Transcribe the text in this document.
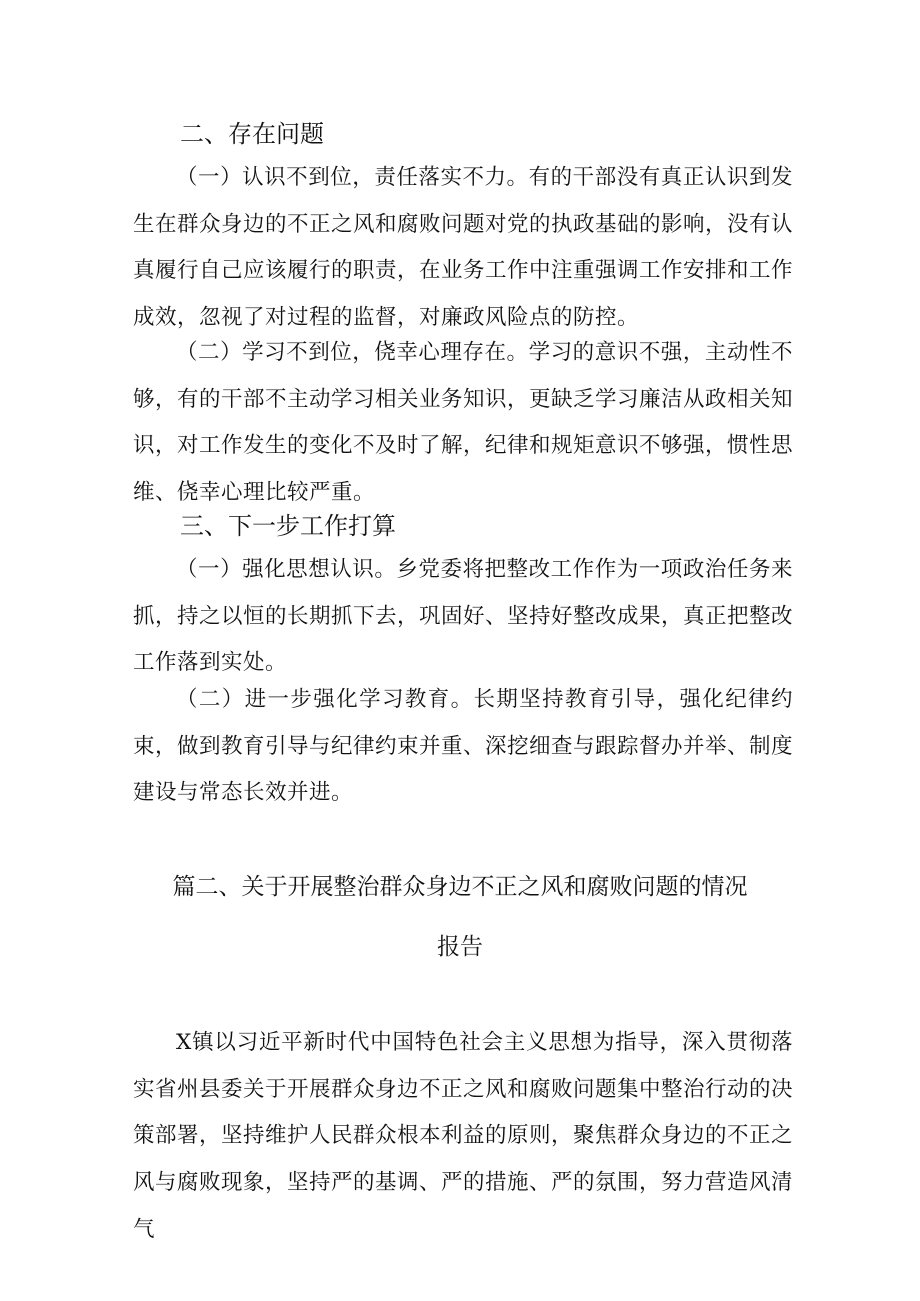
二、存在问题

（一）认识不到位，责任落实不力。有的干部没有真正认识到发生在群众身边的不正之风和腐败问题对党的执政基础的影响，没有认真履行自己应该履行的职责，在业务工作中注重强调工作安排和工作成效，忽视了对过程的监督，对廉政风险点的防控。

（二）学习不到位，侥幸心理存在。学习的意识不强，主动性不够，有的干部不主动学习相关业务知识，更缺乏学习廉洁从政相关知识，对工作发生的变化不及时了解，纪律和规矩意识不够强，惯性思维、侥幸心理比较严重。

三、下一步工作打算

（一）强化思想认识。乡党委将把整改工作作为一项政治任务来抓，持之以恒的长期抓下去，巩固好、坚持好整改成果，真正把整改工作落到实处。

（二）进一步强化学习教育。长期坚持教育引导，强化纪律约束，做到教育引导与纪律约束并重、深挖细查与跟踪督办并举、制度建设与常态长效并进。

篇二、关于开展整治群众身边不正之风和腐败问题的情况
报告

X镇以习近平新时代中国特色社会主义思想为指导，深入贯彻落实省州县委关于开展群众身边不正之风和腐败问题集中整治行动的决策部署，坚持维护人民群众根本利益的原则，聚焦群众身边的不正之风与腐败现象，坚持严的基调、严的措施、严的氛围，努力营造风清气
